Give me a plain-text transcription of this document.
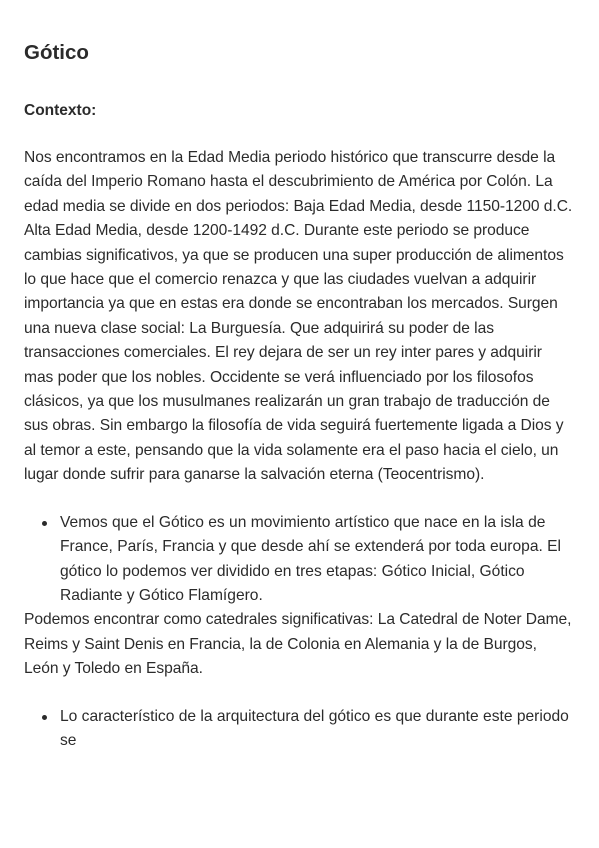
Gótico
Contexto:

Nos encontramos en la Edad Media periodo histórico que transcurre desde la caída del Imperio Romano hasta el descubrimiento de América por Colón. La edad media se divide en dos periodos: Baja Edad Media, desde 1150-1200 d.C. Alta Edad Media, desde 1200-1492 d.C. Durante este periodo se produce cambias significativos, ya que se producen una super producción de alimentos lo que hace que el comercio renazca y que las ciudades vuelvan a adquirir importancia ya que en estas era donde se encontraban los mercados. Surgen una nueva clase social: La Burguesía. Que adquirirá su poder de las transacciones comerciales. El rey dejara de ser un rey inter pares y adquirir mas poder que los nobles. Occidente se verá influenciado por los filosofos clásicos, ya que los musulmanes realizarán un gran trabajo de traducción de sus obras. Sin embargo la filosofía de vida seguirá fuertemente ligada a Dios y al temor a este, pensando que la vida solamente era el paso hacia el cielo, un lugar donde sufrir para ganarse la salvación eterna (Teocentrismo).

Vemos que el Gótico es un movimiento artístico que nace en la isla de France, París, Francia y que desde ahí se extenderá por toda europa. El gótico lo podemos ver dividido en tres etapas: Gótico Inicial, Gótico Radiante y Gótico Flamígero.

Podemos encontrar como catedrales significativas: La Catedral de Noter Dame, Reims y Saint Denis en Francia, la de Colonia en Alemania y la de Burgos, León y Toledo en España.

Lo característico de la arquitectura del gótico es que durante este periodo se
